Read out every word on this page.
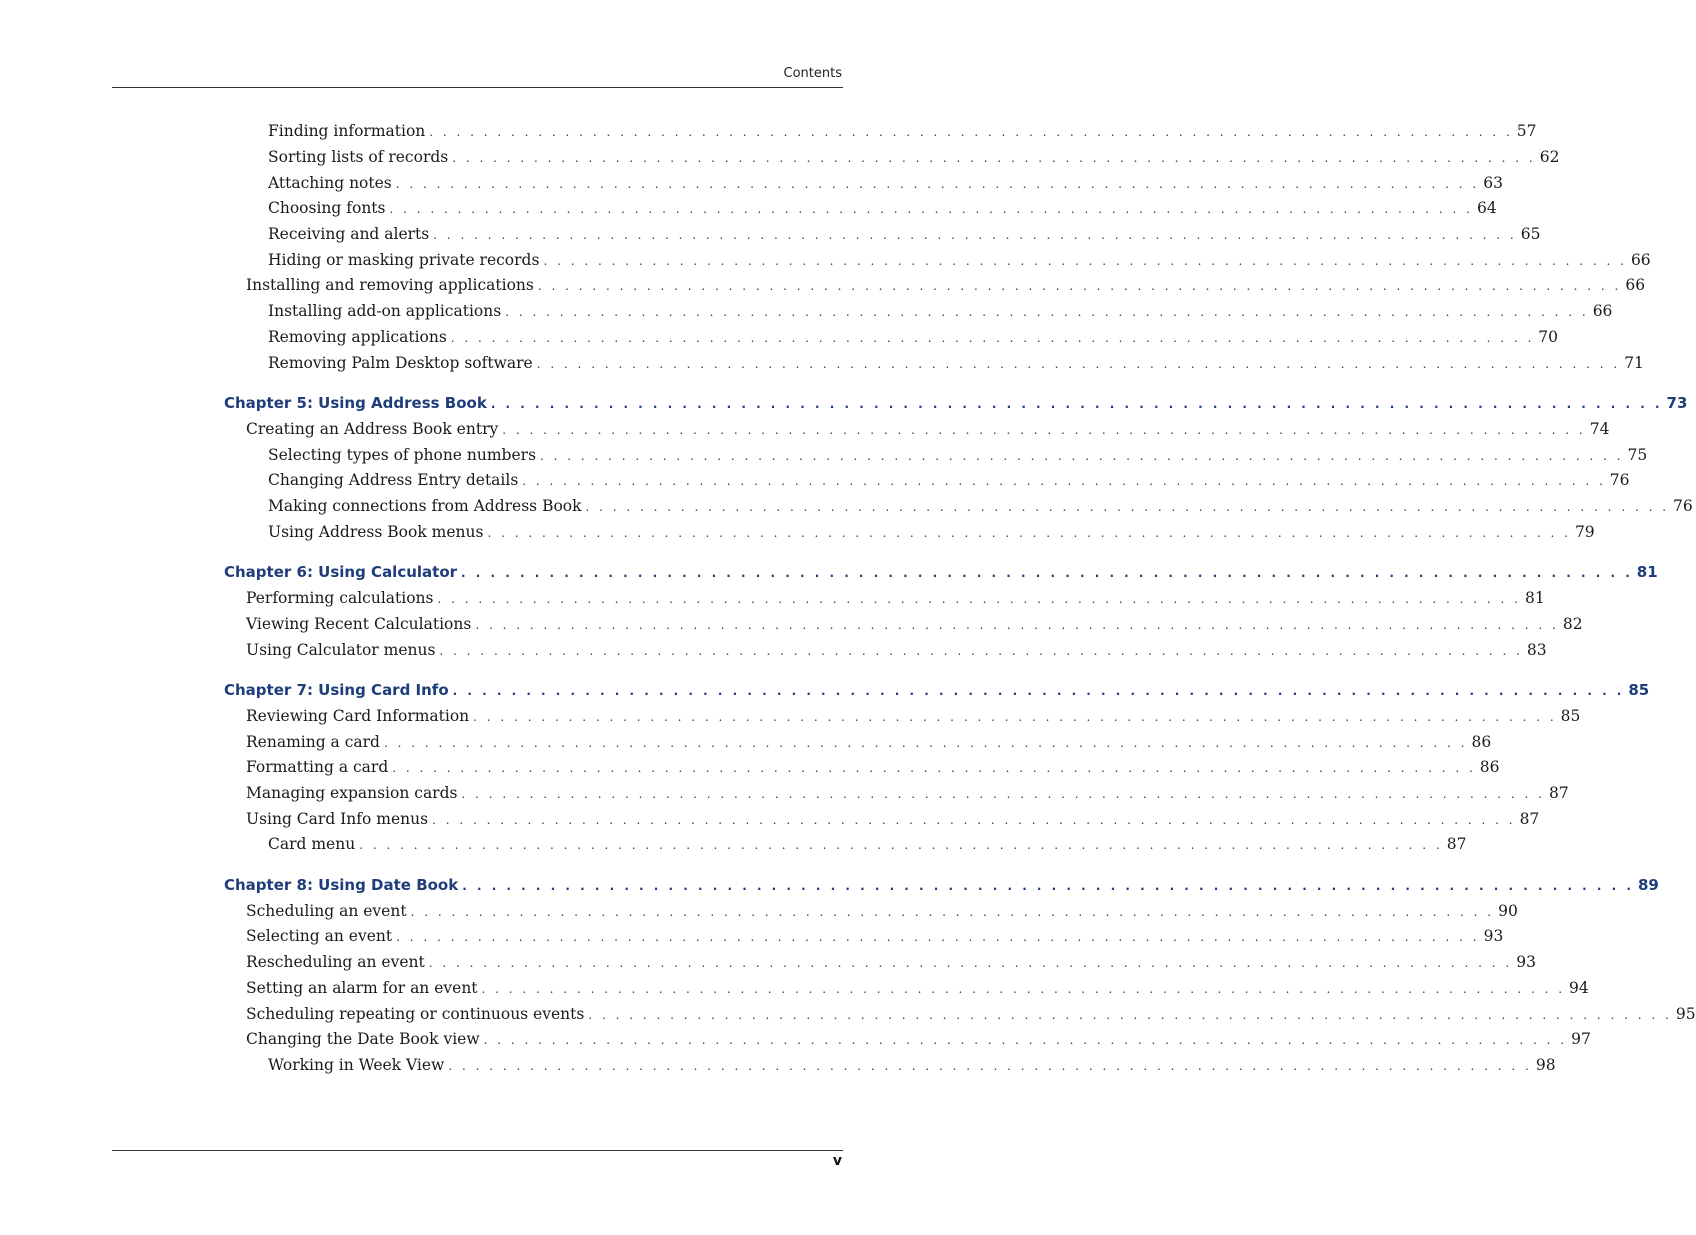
Contents
Finding information . . . . . . . . . . . . . . . . . . . . . . . . . . . . . . . . . . . . . . . . . . . . . . . . . . . . . . . . . . . . . . . . . . . . . . . . . . . . . . . . 57
Sorting lists of records . . . . . . . . . . . . . . . . . . . . . . . . . . . . . . . . . . . . . . . . . . . . . . . . . . . . . . . . . . . . . . . . . . . . . . . . . . . . . . . . 62
Attaching notes . . . . . . . . . . . . . . . . . . . . . . . . . . . . . . . . . . . . . . . . . . . . . . . . . . . . . . . . . . . . . . . . . . . . . . . . . . . . . . . . 63
Choosing fonts . . . . . . . . . . . . . . . . . . . . . . . . . . . . . . . . . . . . . . . . . . . . . . . . . . . . . . . . . . . . . . . . . . . . . . . . . . . . . . . . 64
Receiving and alerts . . . . . . . . . . . . . . . . . . . . . . . . . . . . . . . . . . . . . . . . . . . . . . . . . . . . . . . . . . . . . . . . . . . . . . . . . . . . . . . . 65
Hiding or masking private records . . . . . . . . . . . . . . . . . . . . . . . . . . . . . . . . . . . . . . . . . . . . . . . . . . . . . . . . . . . . . . . . . . . . . . . . . . . . . . . . 66
Installing and removing applications . . . . . . . . . . . . . . . . . . . . . . . . . . . . . . . . . . . . . . . . . . . . . . . . . . . . . . . . . . . . . . . . . . . . . . . . . . . . . . . . 66
Installing add-on applications . . . . . . . . . . . . . . . . . . . . . . . . . . . . . . . . . . . . . . . . . . . . . . . . . . . . . . . . . . . . . . . . . . . . . . . . . . . . . . . . 66
Removing applications . . . . . . . . . . . . . . . . . . . . . . . . . . . . . . . . . . . . . . . . . . . . . . . . . . . . . . . . . . . . . . . . . . . . . . . . . . . . . . . . 70
Removing Palm Desktop software . . . . . . . . . . . . . . . . . . . . . . . . . . . . . . . . . . . . . . . . . . . . . . . . . . . . . . . . . . . . . . . . . . . . . . . . . . . . . . . . 71
Chapter 5: Using Address Book . . . . . . . . . . . . . . . . . . . . . . . . . . . . . . . . . . . . . . . . . . . . . . . . . . . . . . . . . . . . . . . . . . . . . . . . . . . . . . . . 73
Creating an Address Book entry . . . . . . . . . . . . . . . . . . . . . . . . . . . . . . . . . . . . . . . . . . . . . . . . . . . . . . . . . . . . . . . . . . . . . . . . . . . . . . . . 74
Selecting types of phone numbers . . . . . . . . . . . . . . . . . . . . . . . . . . . . . . . . . . . . . . . . . . . . . . . . . . . . . . . . . . . . . . . . . . . . . . . . . . . . . . . . 75
Changing Address Entry details . . . . . . . . . . . . . . . . . . . . . . . . . . . . . . . . . . . . . . . . . . . . . . . . . . . . . . . . . . . . . . . . . . . . . . . . . . . . . . . . 76
Making connections from Address Book . . . . . . . . . . . . . . . . . . . . . . . . . . . . . . . . . . . . . . . . . . . . . . . . . . . . . . . . . . . . . . . . . . . . . . . . . . . . . . . . 76
Using Address Book menus . . . . . . . . . . . . . . . . . . . . . . . . . . . . . . . . . . . . . . . . . . . . . . . . . . . . . . . . . . . . . . . . . . . . . . . . . . . . . . . . 79
Chapter 6: Using Calculator . . . . . . . . . . . . . . . . . . . . . . . . . . . . . . . . . . . . . . . . . . . . . . . . . . . . . . . . . . . . . . . . . . . . . . . . . . . . . . . . 81
Performing calculations . . . . . . . . . . . . . . . . . . . . . . . . . . . . . . . . . . . . . . . . . . . . . . . . . . . . . . . . . . . . . . . . . . . . . . . . . . . . . . . . 81
Viewing Recent Calculations . . . . . . . . . . . . . . . . . . . . . . . . . . . . . . . . . . . . . . . . . . . . . . . . . . . . . . . . . . . . . . . . . . . . . . . . . . . . . . . . 82
Using Calculator menus . . . . . . . . . . . . . . . . . . . . . . . . . . . . . . . . . . . . . . . . . . . . . . . . . . . . . . . . . . . . . . . . . . . . . . . . . . . . . . . . 83
Chapter 7: Using Card Info . . . . . . . . . . . . . . . . . . . . . . . . . . . . . . . . . . . . . . . . . . . . . . . . . . . . . . . . . . . . . . . . . . . . . . . . . . . . . . . . 85
Reviewing Card Information . . . . . . . . . . . . . . . . . . . . . . . . . . . . . . . . . . . . . . . . . . . . . . . . . . . . . . . . . . . . . . . . . . . . . . . . . . . . . . . . 85
Renaming a card . . . . . . . . . . . . . . . . . . . . . . . . . . . . . . . . . . . . . . . . . . . . . . . . . . . . . . . . . . . . . . . . . . . . . . . . . . . . . . . . 86
Formatting a card . . . . . . . . . . . . . . . . . . . . . . . . . . . . . . . . . . . . . . . . . . . . . . . . . . . . . . . . . . . . . . . . . . . . . . . . . . . . . . . . 86
Managing expansion cards . . . . . . . . . . . . . . . . . . . . . . . . . . . . . . . . . . . . . . . . . . . . . . . . . . . . . . . . . . . . . . . . . . . . . . . . . . . . . . . . 87
Using Card Info menus . . . . . . . . . . . . . . . . . . . . . . . . . . . . . . . . . . . . . . . . . . . . . . . . . . . . . . . . . . . . . . . . . . . . . . . . . . . . . . . . 87
Card menu . . . . . . . . . . . . . . . . . . . . . . . . . . . . . . . . . . . . . . . . . . . . . . . . . . . . . . . . . . . . . . . . . . . . . . . . . . . . . . . . 87
Chapter 8: Using Date Book . . . . . . . . . . . . . . . . . . . . . . . . . . . . . . . . . . . . . . . . . . . . . . . . . . . . . . . . . . . . . . . . . . . . . . . . . . . . . . . . 89
Scheduling an event . . . . . . . . . . . . . . . . . . . . . . . . . . . . . . . . . . . . . . . . . . . . . . . . . . . . . . . . . . . . . . . . . . . . . . . . . . . . . . . . 90
Selecting an event . . . . . . . . . . . . . . . . . . . . . . . . . . . . . . . . . . . . . . . . . . . . . . . . . . . . . . . . . . . . . . . . . . . . . . . . . . . . . . . . 93
Rescheduling an event . . . . . . . . . . . . . . . . . . . . . . . . . . . . . . . . . . . . . . . . . . . . . . . . . . . . . . . . . . . . . . . . . . . . . . . . . . . . . . . . 93
Setting an alarm for an event . . . . . . . . . . . . . . . . . . . . . . . . . . . . . . . . . . . . . . . . . . . . . . . . . . . . . . . . . . . . . . . . . . . . . . . . . . . . . . . . 94
Scheduling repeating or continuous events . . . . . . . . . . . . . . . . . . . . . . . . . . . . . . . . . . . . . . . . . . . . . . . . . . . . . . . . . . . . . . . . . . . . . . . . . . . . . . . . 95
Changing the Date Book view . . . . . . . . . . . . . . . . . . . . . . . . . . . . . . . . . . . . . . . . . . . . . . . . . . . . . . . . . . . . . . . . . . . . . . . . . . . . . . . . 97
Working in Week View . . . . . . . . . . . . . . . . . . . . . . . . . . . . . . . . . . . . . . . . . . . . . . . . . . . . . . . . . . . . . . . . . . . . . . . . . . . . . . . . 98
v
